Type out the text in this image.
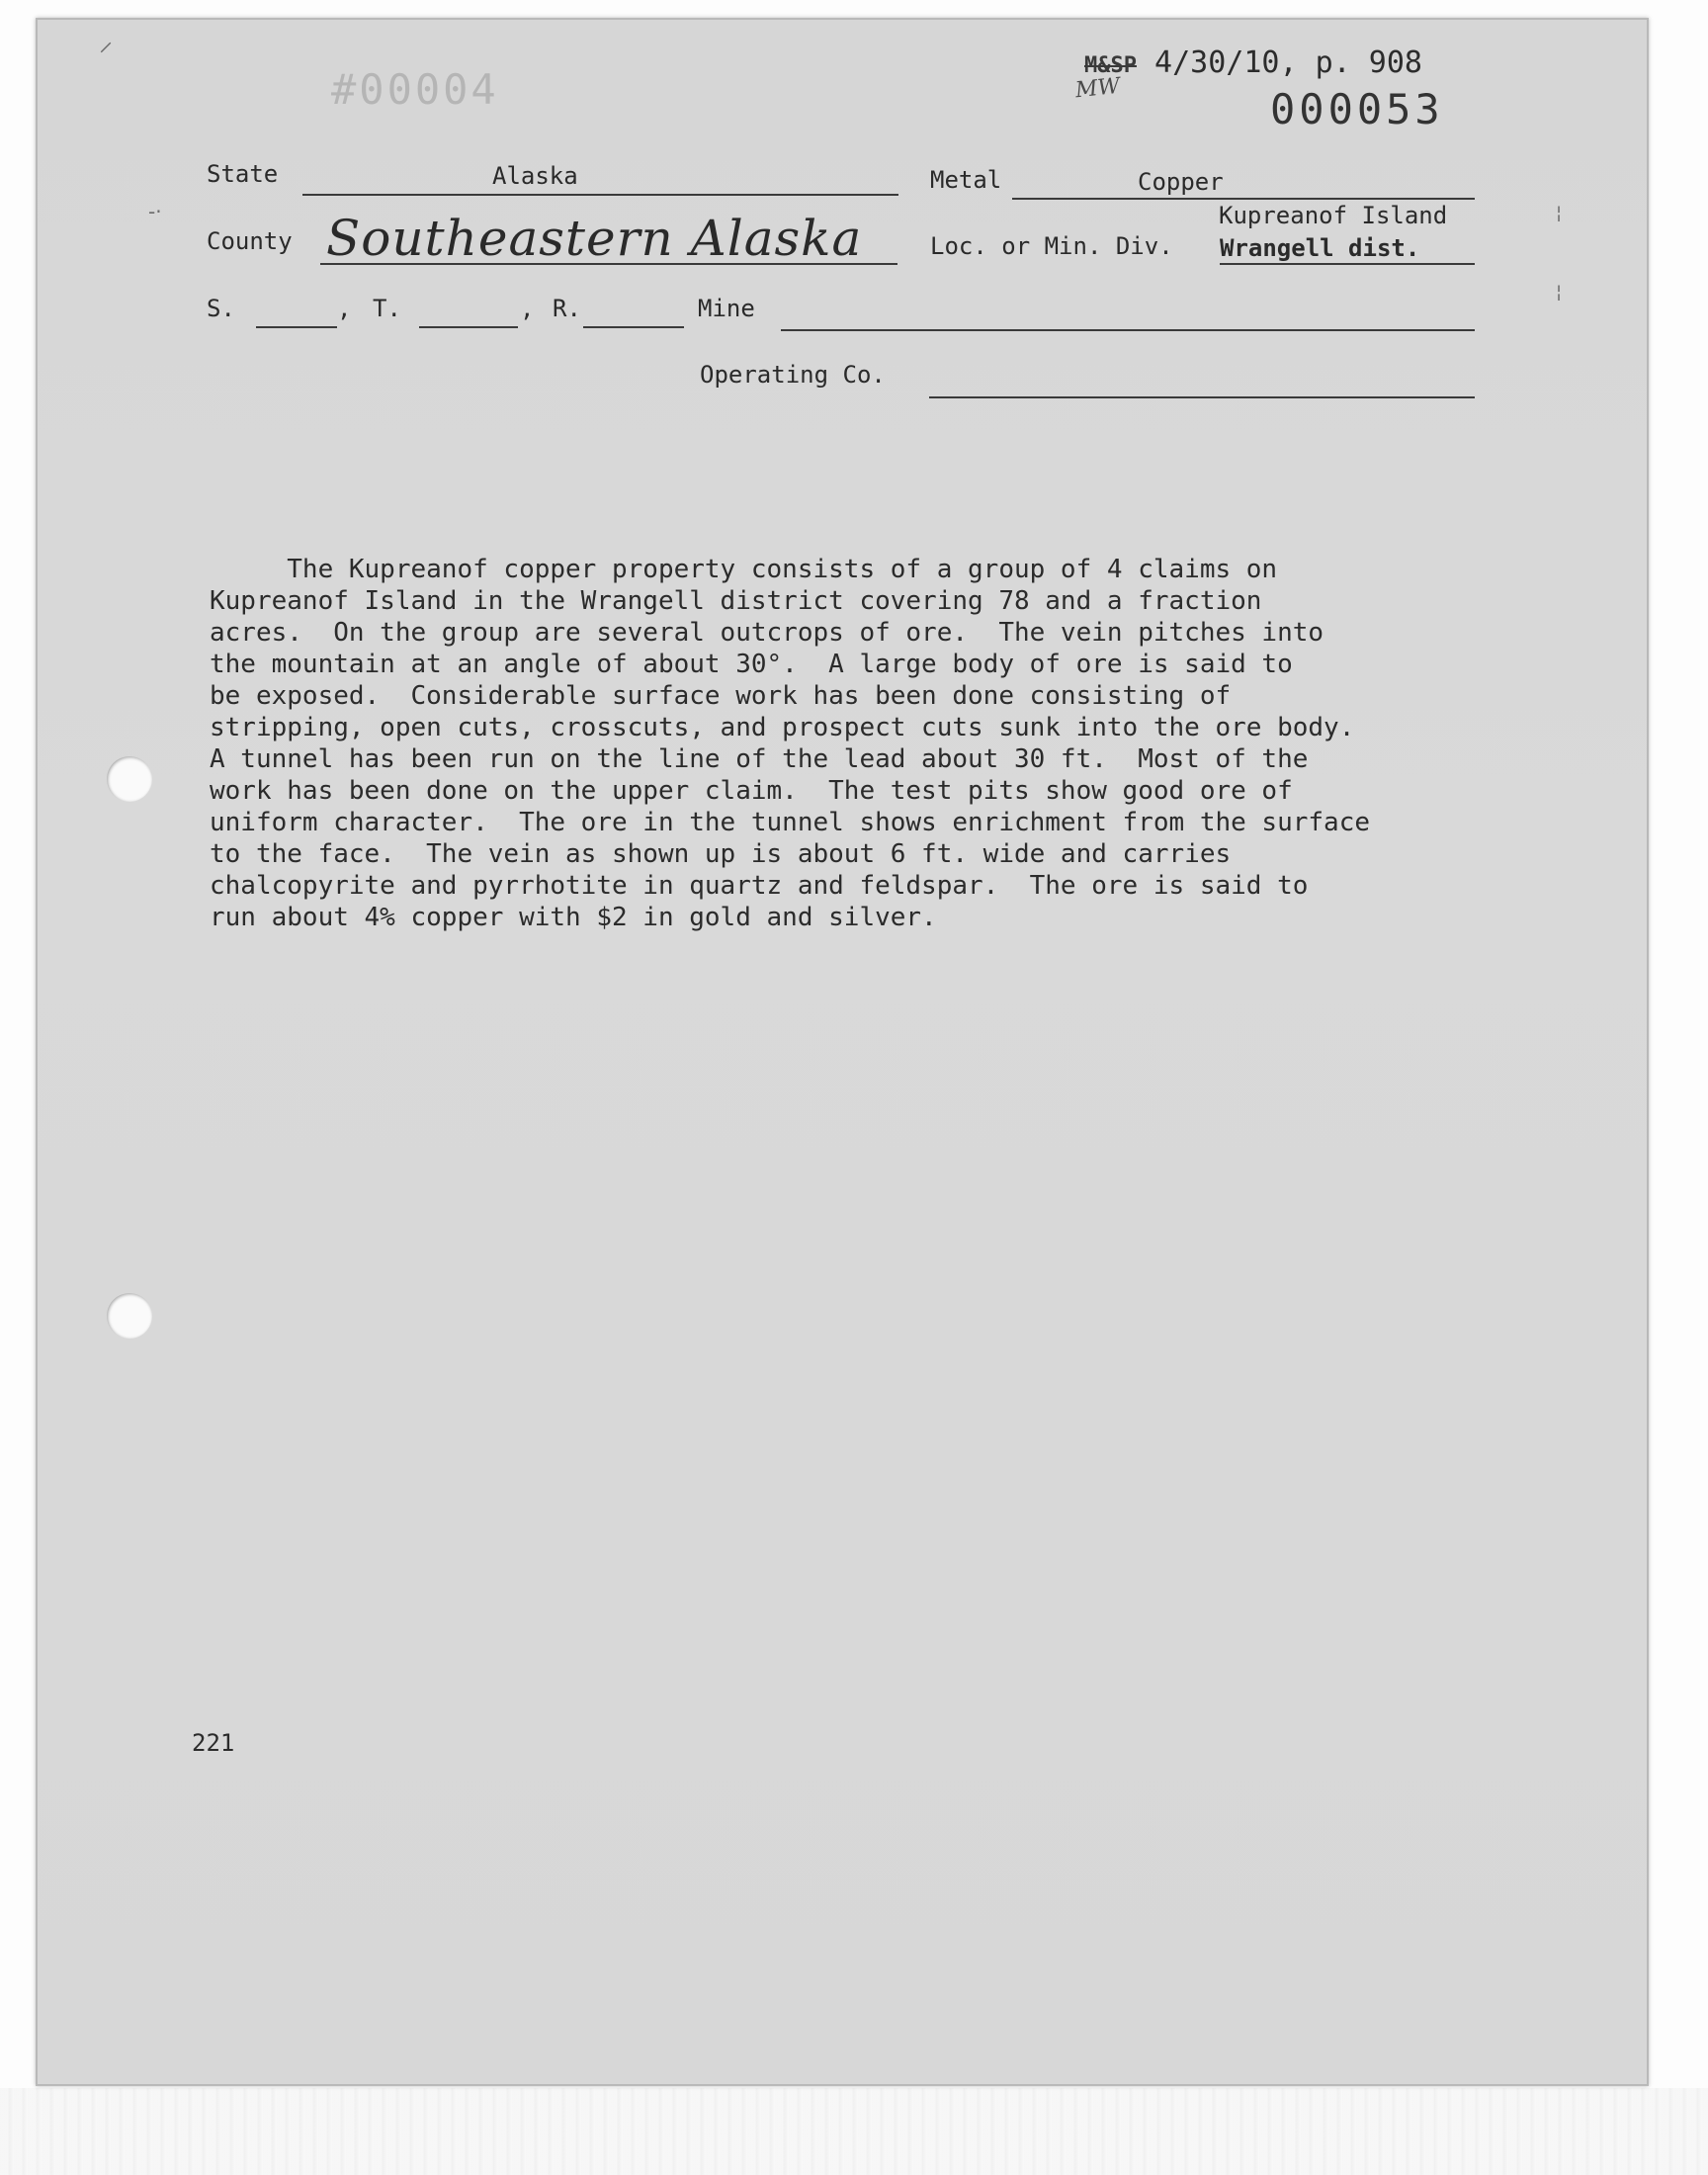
#00004	M&SP 4/30/10, p. 908
MW	000053
⸝
‐·
State	Alaska	Metal	Copper
County Southeastern Alaska	Loc. or Min. Div.
Kupreanof Island
Wrangell dist.
S.	, T.	, R.	Mine
Operating Co.
¦
¦
The Kupreanof copper property consists of a group of 4 claims on
Kupreanof Island in the Wrangell district covering 78 and a fraction
acres.  On the group are several outcrops of ore.  The vein pitches into
the mountain at an angle of about 30°.  A large body of ore is said to
be exposed.  Considerable surface work has been done consisting of
stripping, open cuts, crosscuts, and prospect cuts sunk into the ore body.
A tunnel has been run on the line of the lead about 30 ft.  Most of the
work has been done on the upper claim.  The test pits show good ore of
uniform character.  The ore in the tunnel shows enrichment from the surface
to the face.  The vein as shown up is about 6 ft. wide and carries
chalcopyrite and pyrrhotite in quartz and feldspar.  The ore is said to
run about 4% copper with $2 in gold and silver.
221
